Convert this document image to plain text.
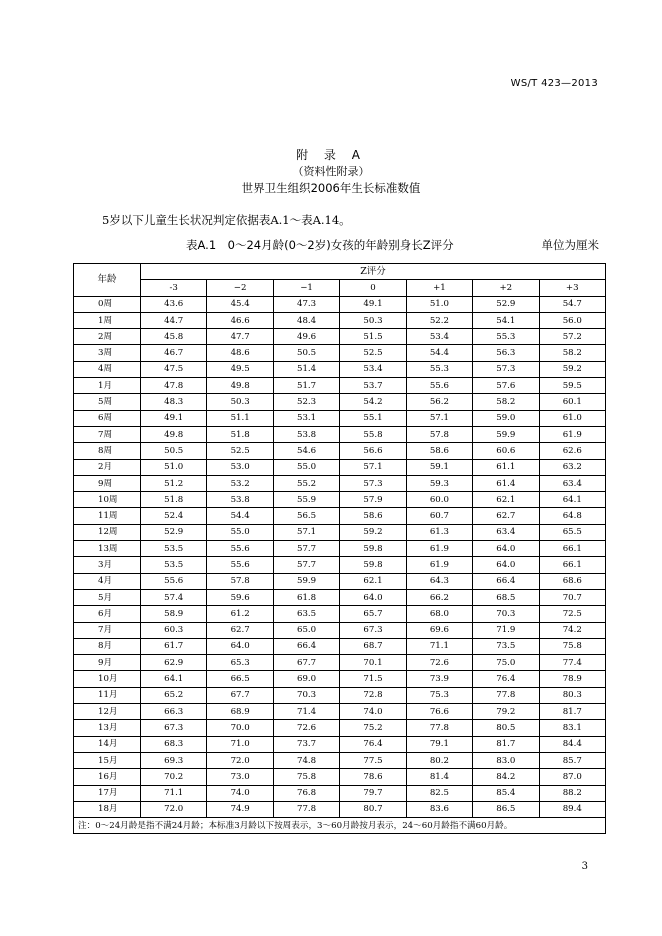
WS/T 423—2013
附 录 A
（资料性附录）
世界卫生组织2006年生长标准数值
5岁以下儿童生长状况判定依据表A.1～表A.14。
表A.1　0～24月龄(0～2岁)女孩的年龄别身长Z评分	单位为厘米
年龄	Z评分						
	-3	−2	−1	0	+1	+2	+3
0周	43.6	45.4	47.3	49.1	51.0	52.9	54.7
1周	44.7	46.6	48.4	50.3	52.2	54.1	56.0
2周	45.8	47.7	49.6	51.5	53.4	55.3	57.2
3周	46.7	48.6	50.5	52.5	54.4	56.3	58.2
4周	47.5	49.5	51.4	53.4	55.3	57.3	59.2
1月	47.8	49.8	51.7	53.7	55.6	57.6	59.5
5周	48.3	50.3	52.3	54.2	56.2	58.2	60.1
6周	49.1	51.1	53.1	55.1	57.1	59.0	61.0
7周	49.8	51.8	53.8	55.8	57.8	59.9	61.9
8周	50.5	52.5	54.6	56.6	58.6	60.6	62.6
2月	51.0	53.0	55.0	57.1	59.1	61.1	63.2
9周	51.2	53.2	55.2	57.3	59.3	61.4	63.4
10周	51.8	53.8	55.9	57.9	60.0	62.1	64.1
11周	52.4	54.4	56.5	58.6	60.7	62.7	64.8
12周	52.9	55.0	57.1	59.2	61.3	63.4	65.5
13周	53.5	55.6	57.7	59.8	61.9	64.0	66.1
3月	53.5	55.6	57.7	59.8	61.9	64.0	66.1
4月	55.6	57.8	59.9	62.1	64.3	66.4	68.6
5月	57.4	59.6	61.8	64.0	66.2	68.5	70.7
6月	58.9	61.2	63.5	65.7	68.0	70.3	72.5
7月	60.3	62.7	65.0	67.3	69.6	71.9	74.2
8月	61.7	64.0	66.4	68.7	71.1	73.5	75.8
9月	62.9	65.3	67.7	70.1	72.6	75.0	77.4
10月	64.1	66.5	69.0	71.5	73.9	76.4	78.9
11月	65.2	67.7	70.3	72.8	75.3	77.8	80.3
12月	66.3	68.9	71.4	74.0	76.6	79.2	81.7
13月	67.3	70.0	72.6	75.2	77.8	80.5	83.1
14月	68.3	71.0	73.7	76.4	79.1	81.7	84.4
15月	69.3	72.0	74.8	77.5	80.2	83.0	85.7
16月	70.2	73.0	75.8	78.6	81.4	84.2	87.0
17月	71.1	74.0	76.8	79.7	82.5	85.4	88.2
18月	72.0	74.9	77.8	80.7	83.6	86.5	89.4
注：0～24月龄是指不满24月龄；本标准3月龄以下按周表示，3～60月龄按月表示，24～60月龄指不满60月龄。							
3
